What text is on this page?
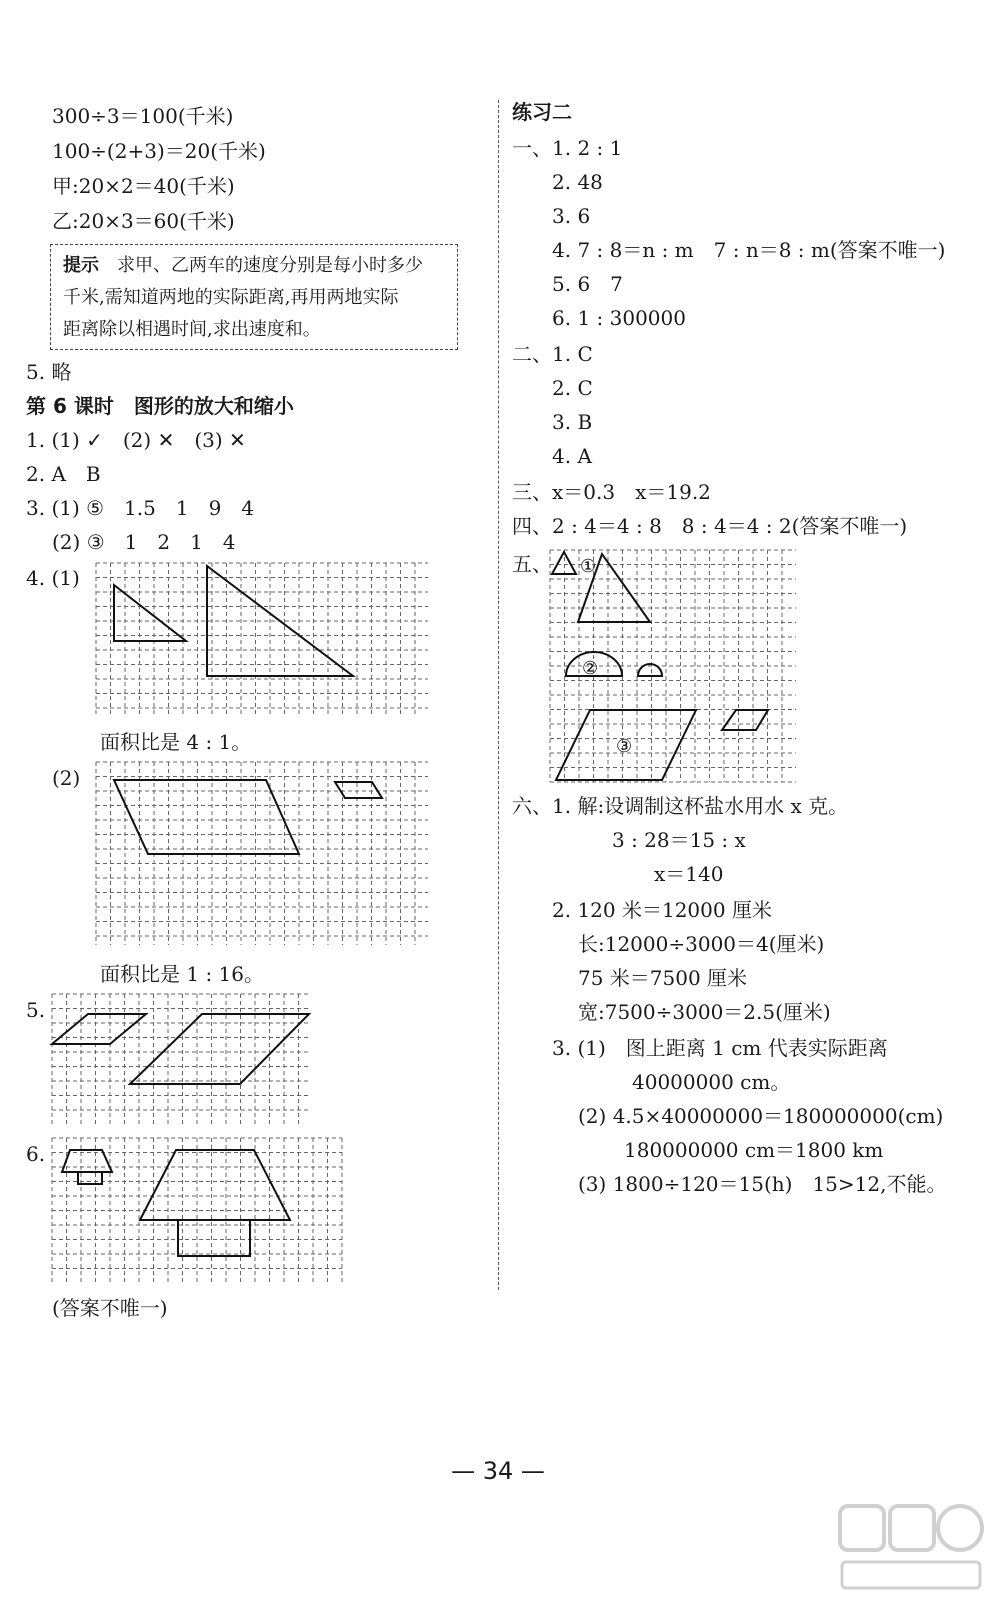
300÷3＝100(千米)
100÷(2+3)＝20(千米)
甲:20×2＝40(千米)
乙:20×3＝60(千米)
提示 求甲、乙两车的速度分别是每小时多少
千米,需知道两地的实际距离,再用两地实际
距离除以相遇时间,求出速度和。
5. 略
第 6 课时　图形的放大和缩小
1. (1) ✓　(2) ✕　(3) ✕
2. A　B
3. (1) ⑤　1.5　1　9　4
(2) ③　1　2　1　4
4. (1)
面积比是 4 : 1。
(2)
面积比是 1 : 16。
5.
6.
(答案不唯一)
练习二
一、1. 2 : 1
2. 48
3. 6
4. 7 : 8＝n : m　7 : n＝8 : m(答案不唯一)
5. 6　7
6. 1 : 300000
二、1. C
2. C
3. B
4. A
三、x＝0.3　x＝19.2
四、2 : 4＝4 : 8　8 : 4＝4 : 2(答案不唯一)
五、 ①
②
③
六、1. 解:设调制这杯盐水用水 x 克。
3 : 28＝15 : x
x＝140
2. 120 米＝12000 厘米
长:12000÷3000＝4(厘米)
75 米＝7500 厘米
宽:7500÷3000＝2.5(厘米)
3. (1)　图上距离 1 cm 代表实际距离
40000000 cm。
(2) 4.5×40000000＝180000000(cm)
180000000 cm＝1800 km
(3) 1800÷120＝15(h)　15>12,不能。
— 34 —
